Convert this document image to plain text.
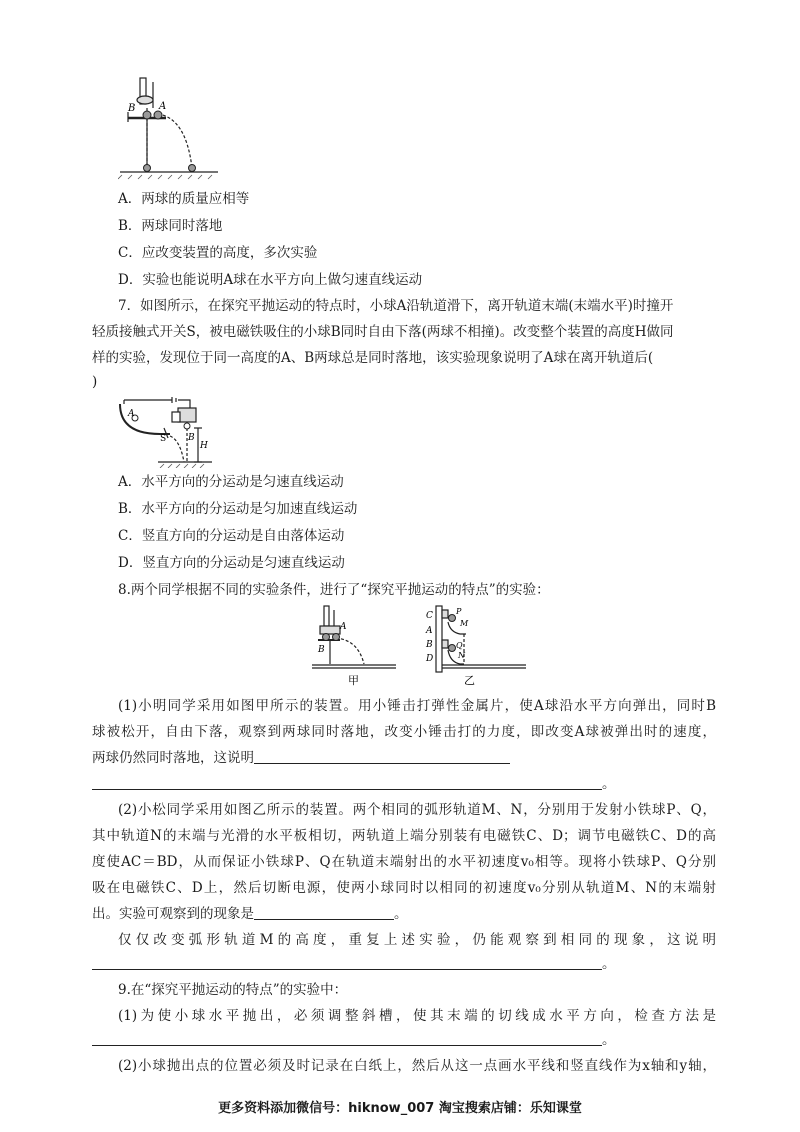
B A
A．两球的质量应相等
B．两球同时落地
C．应改变装置的高度，多次实验
D．实验也能说明A球在水平方向上做匀速直线运动
7．如图所示，在探究平抛运动的特点时，小球A沿轨道滑下，离开轨道末端(末端水平)时撞开
轻质接触式开关S，被电磁铁吸住的小球B同时自由下落(两球不相撞)。改变整个装置的高度H做同
样的实验，发现位于同一高度的A、B两球总是同时落地，该实验现象说明了A球在离开轨道后(
)
A
S B
H
A．水平方向的分运动是匀速直线运动
B．水平方向的分运动是匀加速直线运动
C．竖直方向的分运动是自由落体运动
D．竖直方向的分运动是匀速直线运动
8.两个同学根据不同的实验条件，进行了“探究平抛运动的特点”的实验：
A
B
甲
C
A
B
D
P
M
Q
N
乙
(1)小明同学采用如图甲所示的装置。用小锤击打弹性金属片，使A球沿水平方向弹出，同时B
球被松开，自由下落，观察到两球同时落地，改变小锤击打的力度，即改变A球被弹出时的速度，
两球仍然同时落地，这说明
。
(2)小松同学采用如图乙所示的装置。两个相同的弧形轨道M、N，分别用于发射小铁球P、Q，
其中轨道N的末端与光滑的水平板相切，两轨道上端分别装有电磁铁C、D；调节电磁铁C、D的高
度使AC＝BD，从而保证小铁球P、Q在轨道末端射出的水平初速度v₀相等。现将小铁球P、Q分别
吸在电磁铁C、D上，然后切断电源，使两小球同时以相同的初速度v₀分别从轨道M、N的末端射
出。实验可观察到的现象是	。
仅仅改变弧形轨道M的高度，重复上述实验，仍能观察到相同的现象，这说明
。
9.在“探究平抛运动的特点”的实验中：
(1)为使小球水平抛出，必须调整斜槽，使其末端的切线成水平方向，检查方法是
。
(2)小球抛出点的位置必须及时记录在白纸上，然后从这一点画水平线和竖直线作为x轴和y轴，
更多资料添加微信号：hiknow_007 淘宝搜索店铺：乐知课堂
